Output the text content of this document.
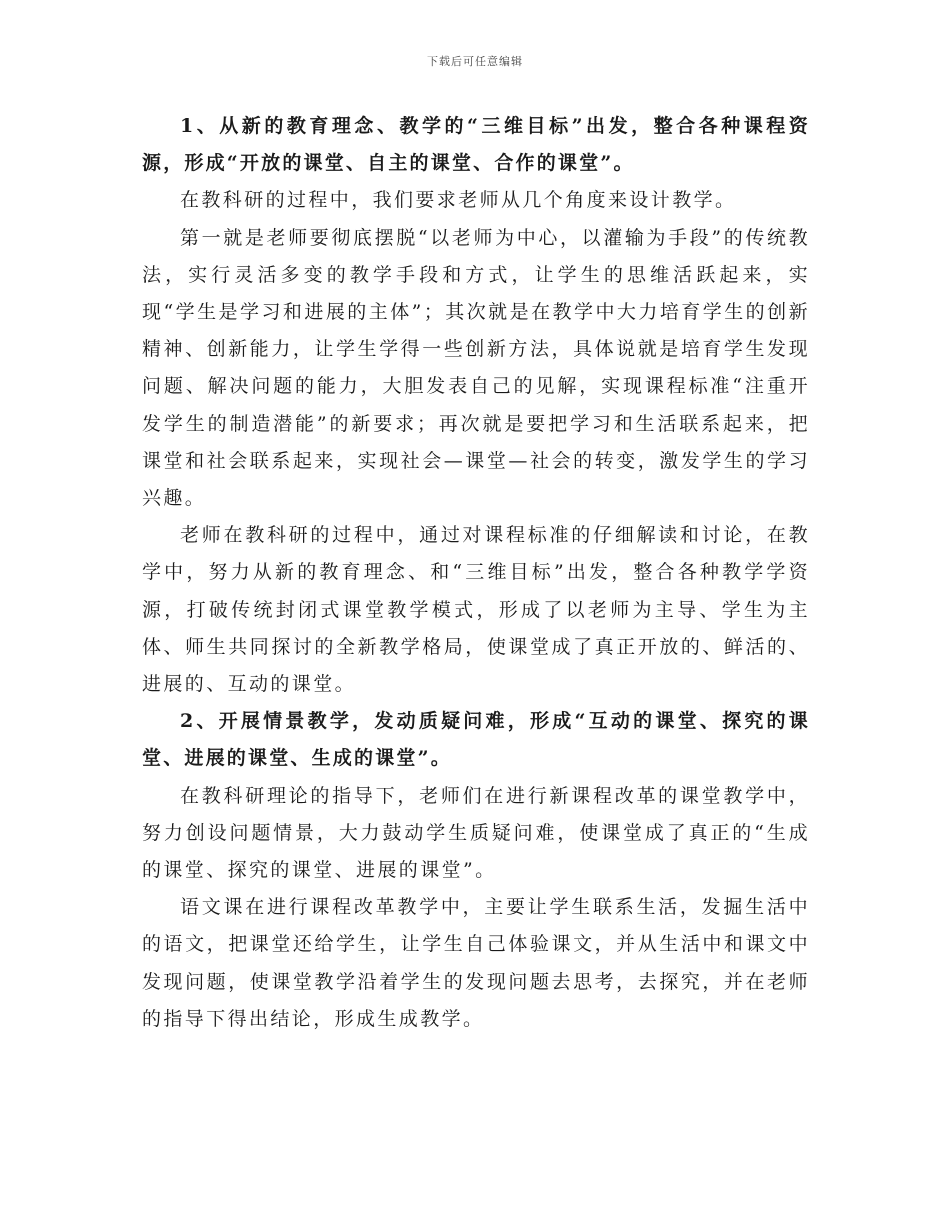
下载后可任意编辑

1、从新的教育理念、教学的“三维目标”出发，整合各种课程资源，形成“开放的课堂、自主的课堂、合作的课堂”。

在教科研的过程中，我们要求老师从几个角度来设计教学。

第一就是老师要彻底摆脱“以老师为中心，以灌输为手段”的传统教法，实行灵活多变的教学手段和方式，让学生的思维活跃起来，实现“学生是学习和进展的主体”；其次就是在教学中大力培育学生的创新精神、创新能力，让学生学得一些创新方法，具体说就是培育学生发现问题、解决问题的能力，大胆发表自己的见解，实现课程标准“注重开发学生的制造潜能”的新要求；再次就是要把学习和生活联系起来，把课堂和社会联系起来，实现社会—课堂—社会的转变，激发学生的学习兴趣。

老师在教科研的过程中，通过对课程标准的仔细解读和讨论，在教学中，努力从新的教育理念、和“三维目标”出发，整合各种教学学资源，打破传统封闭式课堂教学模式，形成了以老师为主导、学生为主体、师生共同探讨的全新教学格局，使课堂成了真正开放的、鲜活的、进展的、互动的课堂。

2、开展情景教学，发动质疑问难，形成“互动的课堂、探究的课堂、进展的课堂、生成的课堂”。

在教科研理论的指导下，老师们在进行新课程改革的课堂教学中，努力创设问题情景，大力鼓动学生质疑问难，使课堂成了真正的“生成的课堂、探究的课堂、进展的课堂”。

语文课在进行课程改革教学中，主要让学生联系生活，发掘生活中的语文，把课堂还给学生，让学生自己体验课文，并从生活中和课文中发现问题，使课堂教学沿着学生的发现问题去思考，去探究，并在老师的指导下得出结论，形成生成教学。
